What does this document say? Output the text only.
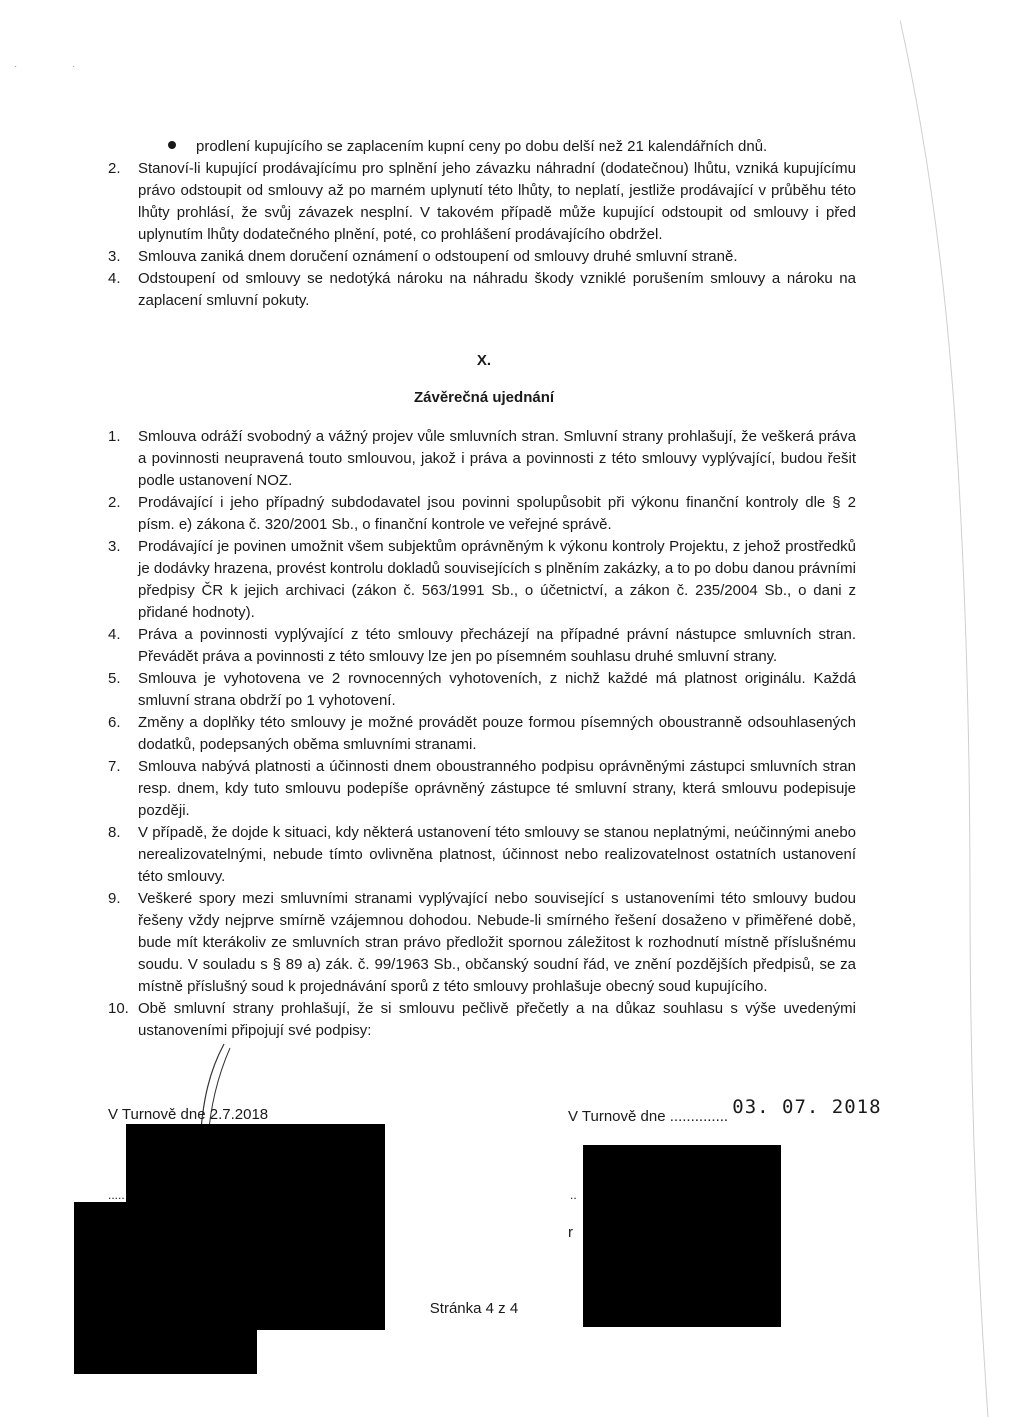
·	·
prodlení kupujícího se zaplacením kupní ceny po dobu delší než 21 kalendářních dnů.
2.	Stanoví-li kupující prodávajícímu pro splnění jeho závazku náhradní (dodatečnou) lhůtu, vzniká kupujícímu právo odstoupit od smlouvy až po marném uplynutí této lhůty, to neplatí, jestliže prodávající v průběhu této lhůty prohlásí, že svůj závazek nesplní. V takovém případě může kupující odstoupit od smlouvy i před uplynutím lhůty dodatečného plnění, poté, co prohlášení prodávajícího obdržel.
3.	Smlouva zaniká dnem doručení oznámení o odstoupení od smlouvy druhé smluvní straně.
4.	Odstoupení od smlouvy se nedotýká nároku na náhradu škody vzniklé porušením smlouvy a nároku na zaplacení smluvní pokuty.
X.
Závěrečná ujednání
1.	Smlouva odráží svobodný a vážný projev vůle smluvních stran. Smluvní strany prohlašují, že veškerá práva a povinnosti neupravená touto smlouvou, jakož i práva a povinnosti z této smlouvy vyplývající, budou řešit podle ustanovení NOZ.
2.	Prodávající i jeho případný subdodavatel jsou povinni spolupůsobit při výkonu finanční kontroly dle § 2 písm. e) zákona č. 320/2001 Sb., o finanční kontrole ve veřejné správě.
3.	Prodávající je povinen umožnit všem subjektům oprávněným k výkonu kontroly Projektu, z jehož prostředků je dodávky hrazena, provést kontrolu dokladů souvisejících s plněním zakázky, a to po dobu danou právními předpisy ČR k jejich archivaci (zákon č. 563/1991 Sb., o účetnictví, a zákon č. 235/2004 Sb., o dani z přidané hodnoty).
4.	Práva a povinnosti vyplývající z této smlouvy přecházejí na případné právní nástupce smluvních stran. Převádět práva a povinnosti z této smlouvy lze jen po písemném souhlasu druhé smluvní strany.
5.	Smlouva je vyhotovena ve 2 rovnocenných vyhotoveních, z nichž každé má platnost originálu. Každá smluvní strana obdrží po 1 vyhotovení.
6.	Změny a doplňky této smlouvy je možné provádět pouze formou písemných oboustranně odsouhlasených dodatků, podepsaných oběma smluvními stranami.
7.	Smlouva nabývá platnosti a účinnosti dnem oboustranného podpisu oprávněnými zástupci smluvních stran resp. dnem, kdy tuto smlouvu podepíše oprávněný zástupce té smluvní strany, která smlouvu podepisuje později.
8.	V případě, že dojde k situaci, kdy některá ustanovení této smlouvy se stanou neplatnými, neúčinnými anebo nerealizovatelnými, nebude tímto ovlivněna platnost, účinnost nebo realizovatelnost ostatních ustanovení této smlouvy.
9.	Veškeré spory mezi smluvními stranami vyplývající nebo související s ustanoveními této smlouvy budou řešeny vždy nejprve smírně vzájemnou dohodou. Nebude-li smírného řešení dosaženo v přiměřené době, bude mít kterákoliv ze smluvních stran právo předložit spornou záležitost k rozhodnutí místně příslušnému soudu. V souladu s § 89 a) zák. č. 99/1963 Sb., občanský soudní řád, ve znění pozdějších předpisů, se za místně příslušný soud k projednávání sporů z této smlouvy prohlašuje obecný soud kupujícího.
10. Obě smluvní strany prohlašují, že si smlouvu pečlivě přečetly a na důkaz souhlasu s výše uvedenými ustanoveními připojují své podpisy:
V Turnově dne 2.7.2018	V Turnově dne .............. 03. 07. 2018
.....	..
r
Stránka 4 z 4
